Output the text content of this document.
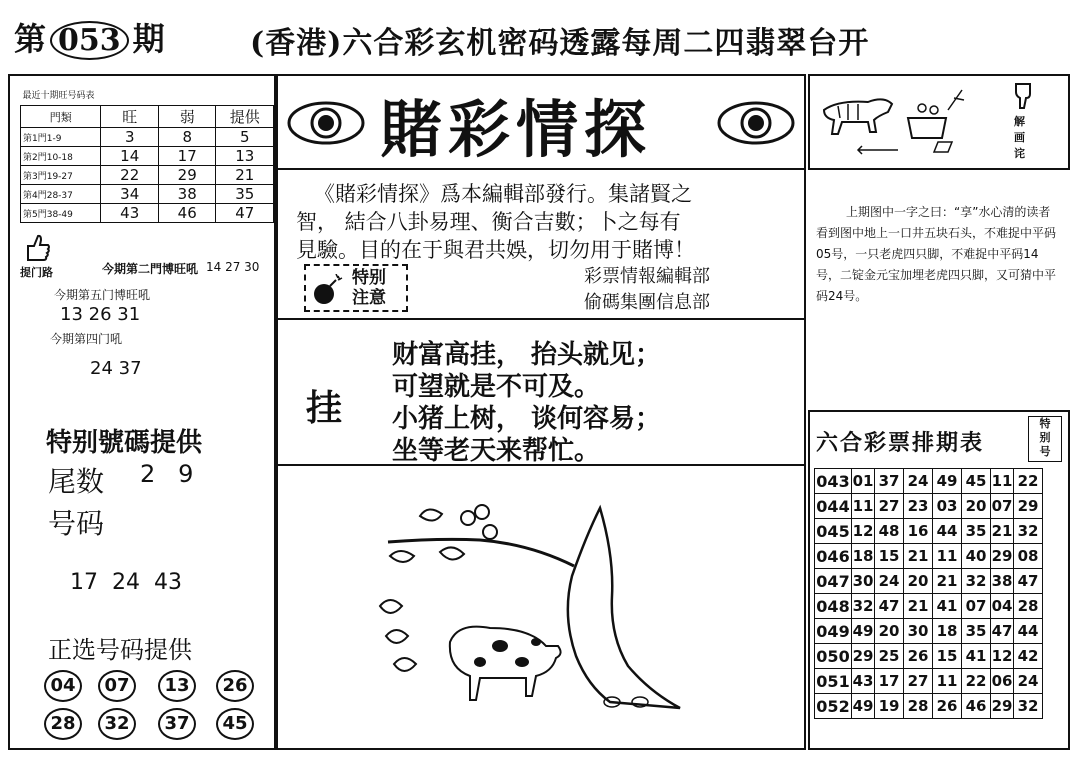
第 053 期	(香港)六合彩玄机密码透露每周二四翡翠台开
最近十期旺号码表			
門類	旺	弱	提供
第1門1-9	3	8	5
第2門10-18	14	17	13
第3門19-27	22	29	21
第4門28-37	34	38	35
第5門38-49	43	46	47
提门路	今期第二門博旺吼 14 27 30
今期第五门博旺吼
13 26 31
今期第四门吼
24 37
特别號碼提供
尾数 2   9
号码
17  24  43
正选号码提供
04	07	13	26
28	32	37	45
賭彩情探
《賭彩情探》爲本編輯部發行。集諸賢之
智， 結合八卦易理、衡合吉數；卜之每有
見驗。目的在于與君共娛，切勿用于賭博！
特别
注意
彩票情報編輯部
偷碼集團信息部
挂
财富高挂， 抬头就见；
可望就是不可及。
小猪上树， 谈何容易；
坐等老天来帮忙。
解
画
诧
上期图中一字之曰：“享”水心清的读者看到图中地上一口井五块石头，不难捉中平码05号，一只老虎四只脚，不难捉中平码14号，二锭金元宝加埋老虎四只脚，又可猜中平码24号。
六合彩票排期表
特
别
号
043	01	37	24	49	45	11	22
044	11	27	23	03	20	07	29
045	12	48	16	44	35	21	32
046	18	15	21	11	40	29	08
047	30	24	20	21	32	38	47
048	32	47	21	41	07	04	28
049	49	20	30	18	35	47	44
050	29	25	26	15	41	12	42
051	43	17	27	11	22	06	24
052	49	19	28	26	46	29	32
